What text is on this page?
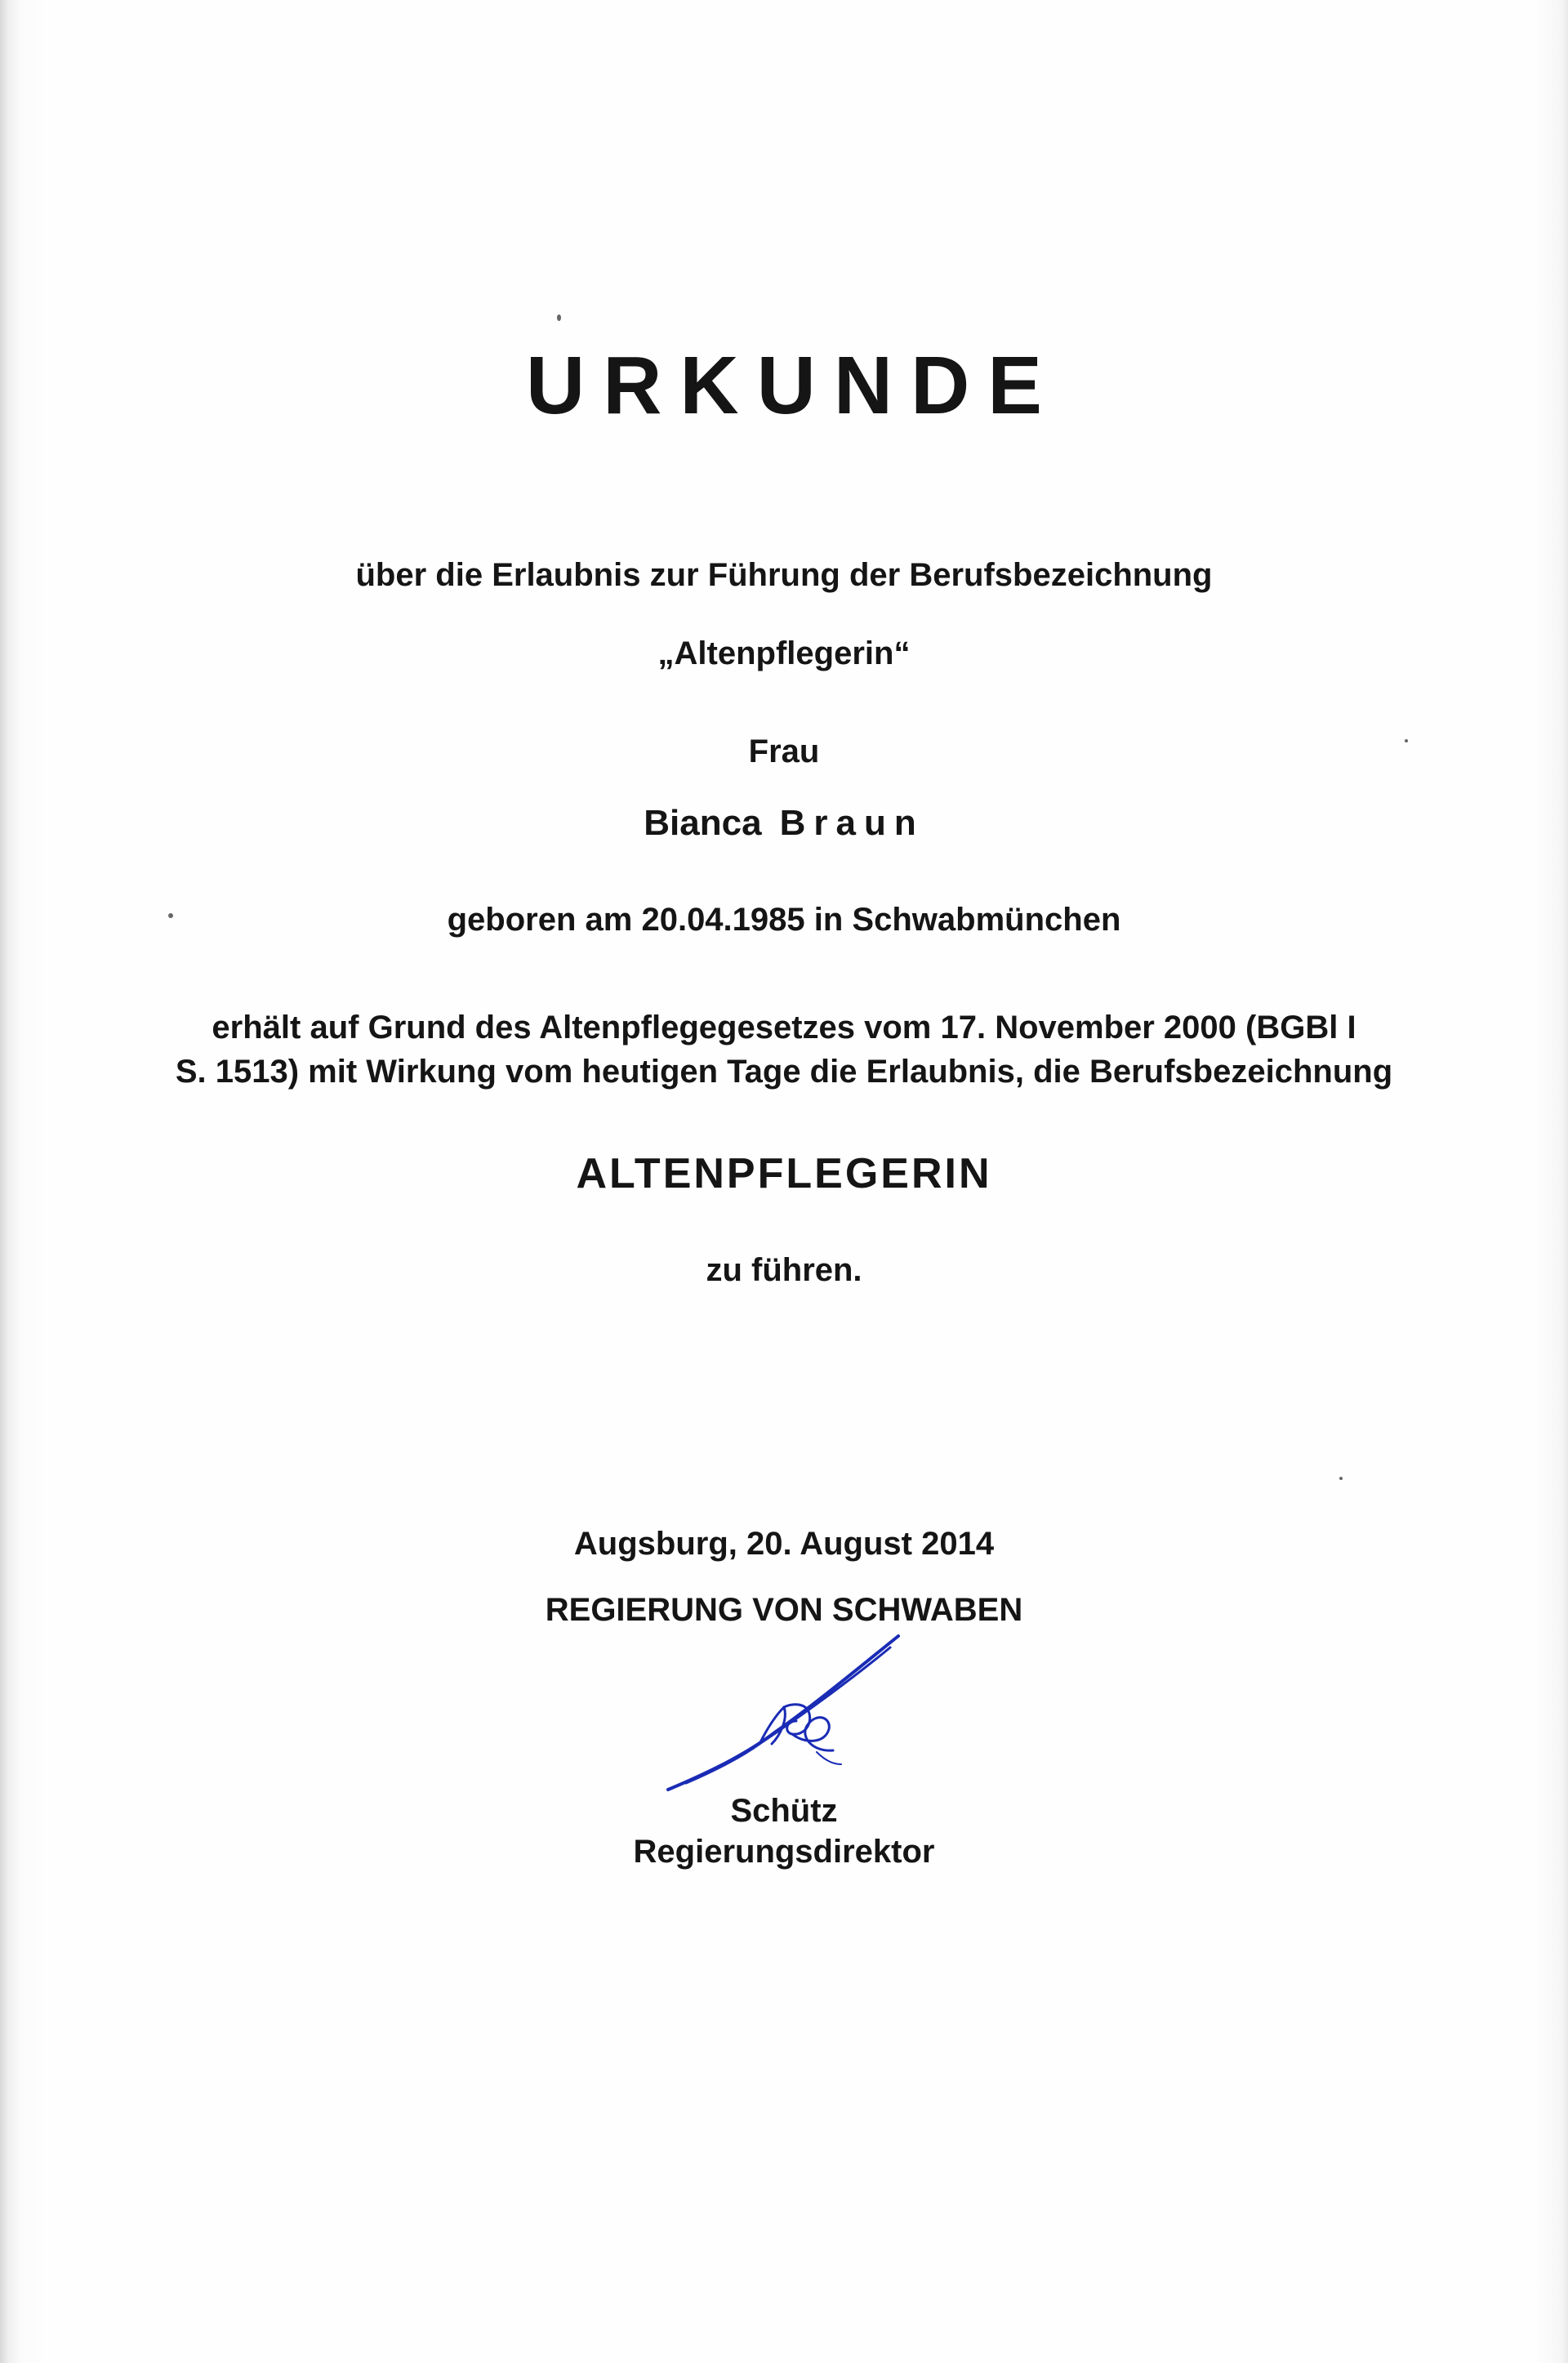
URKUNDE
über die Erlaubnis zur Führung der Berufsbezeichnung
„Altenpflegerin“
Frau
Bianca Braun
geboren am 20.04.1985 in Schwabmünchen
erhält auf Grund des Altenpflegegesetzes vom 17. November 2000 (BGBl I
S. 1513) mit Wirkung vom heutigen Tage die Erlaubnis, die Berufsbezeichnung
ALTENPFLEGERIN
zu führen.
Augsburg, 20. August 2014
REGIERUNG VON SCHWABEN
Schütz
Regierungsdirektor
